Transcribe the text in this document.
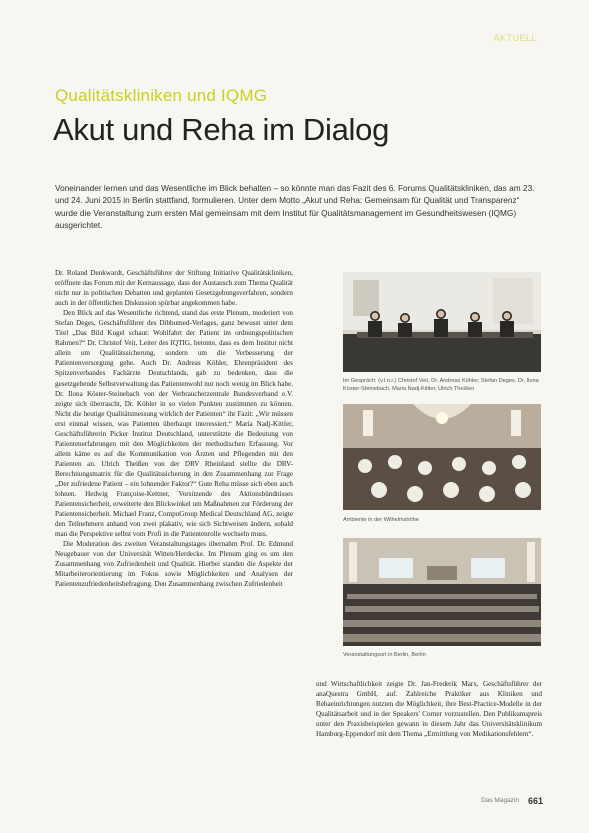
AKTUELL
Qualitätskliniken und IQMG
Akut und Reha im Dialog
Voneinander lernen und das Wesentliche im Blick behalten – so könnte man das Fazit des 6. Forums Qualitätskliniken, das am 23. und 24. Juni 2015 in Berlin stattfand, formulieren. Unter dem Motto „Akut und Reha: Gemeinsam für Qualität und Transparenz“ wurde die Veranstaltung zum ersten Mal gemeinsam mit dem Institut für Qualitätsmanagement im Gesundheitswesen (IQMG) ausgerichtet.

Dr. Roland Denkwardt, Geschäftsführer der Stiftung Initiative Qualitätskliniken, eröffnete das Forum mit der Kernaussage, dass der Austausch zum Thema Qualität nicht nur in politischen Debatten und geplanten Gesetzgebungsverfahren, sondern auch in der öffentlichen Diskussion spürbar angekommen habe.

Den Blick auf das Wesentliche richtend, stand das erste Plenum, moderiert von Stefan Deges, Geschäftsführer des Dibbumed-Verlages, ganz bewusst unter dem Titel „Das Bild Kugel schaut: Wohlfahrt der Patient im ordnungspolitischen Rahmen?“ Dr. Christof Veit, Leiter des IQTIG, betonte, dass es dem Institut nicht allein um Qualitätssicherung, sondern um die Verbesserung der Patientenversorgung gehe. Auch Dr. Andreas Köhler, Ehrenpräsident des Spitzenverbandes Fachärzte Deutschlands, gab zu bedenken, dass die gesetzgebende Selbstverwaltung das Patientenwohl nur noch wenig im Blick habe. Dr. Ilona Köster-Steinebach von der Verbraucherzentrale Bundesverband e.V. zeigte sich überrascht, Dr. Köhler in so vielen Punkten zustimmen zu können. Nicht die heutige Qualitätsmessung wirklich der Patienten“ ihr Fazit: „Wir müssen erst einmal wissen, was Patienten überhaupt interessiert.“ Maria Nadj-Kittler, Geschäftsführerin Picker Institut Deutschland, unterstützte die Bedeutung von Patientenerfahrungen mit den Möglichkeiten der methodischen Erfassung. Vor allem käme es auf die Kommunikation von Ärzten und Pflegenden mit den Patienten an. Ulrich Theißen von der DRV Rheinland stellte die DRV-Berechnungsmatrix für die Qualitätssicherung in den Zusammenhang zur Frage „Der zufriedene Patient – ein lohnender Faktor?“ Gute Reha müsse sich eben auch lohnen. Hedwig Françoise-Kettner, Vorsitzende des Aktionsbündnisses Patientensicherheit, erweiterte den Blickwinkel um Maßnahmen zur Förderung der Patientensicherheit. Michael Franz, CompuGroup Medical Deutschland AG, zeigte den Teilnehmern anhand von zwei plakativ, wie sich Sichtweisen ändern, sobald man die Perspektive selbst vom Profi in die Patientenrolle wechseln muss.

Die Moderation des zweiten Veranstaltungstages übernahm Prof. Dr. Edmund Neugebauer von der Universität Witten/Herdecke. Im Plenum ging es um den Zusammenhang von Zufriedenheit und Qualität. Hierbei standen die Aspekte der Mitarbeiterorientierung im Fokus sowie Möglichkeiten und Analysen der Patientenzufriedenheitsbefragung. Den Zusammenhang zwischen Zufriedenheit

Im Gespräch: (v.l.n.r.) Christof Veit, Dr. Andreas Köhler, Stefan Deges, Dr. Ilona Köster-Steinebach, Maria Nadj-Kittler, Ulrich Theißen
Ambiente in der Wilhelmshöhe
Veranstaltungsort in Berlin, Berlin

und Wirtschaftlichkeit zeigte Dr. Jan-Frederik Marx, Geschäftsführer der anaQuestra GmbH, auf. Zahlreiche Praktiker aus Kliniken und Rehaeinrichtungen nutzten die Möglichkeit, ihre Best-Practice-Modelle in der Qualitätsarbeit und in der Speakers' Corner vorzustellen. Den Publikumspreis unter den Praxisbeispielen gewann in diesem Jahr das Universitätsklinikum Hamburg-Eppendorf mit dem Thema „Ermittlung von Medikationsfehlern“.

Das Magazin 661
